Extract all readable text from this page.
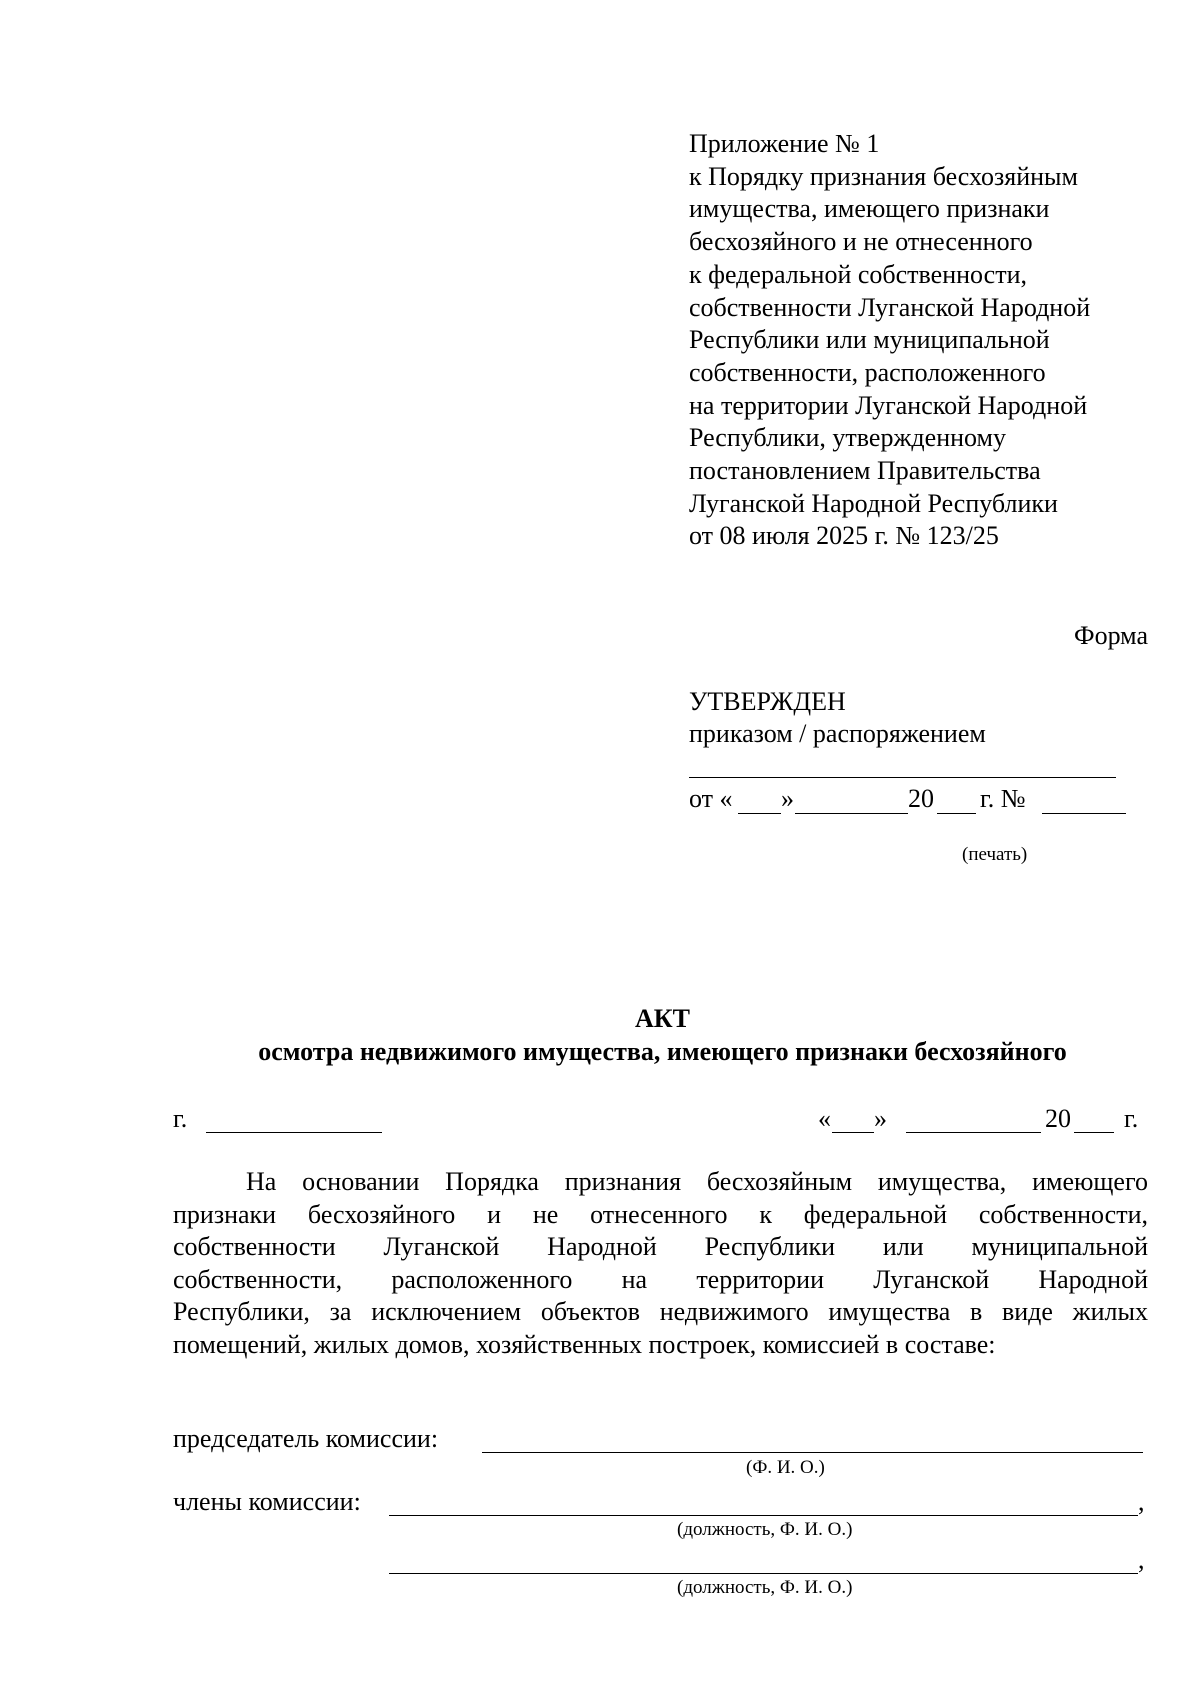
Приложение № 1
к Порядку признания бесхозяйным
имущества, имеющего признаки
бесхозяйного и не отнесенного
к федеральной собственности,
собственности Луганской Народной
Республики или муниципальной
собственности, расположенного
на территории Луганской Народной
Республики, утвержденному
постановлением Правительства
Луганской Народной Республики
от 08 июля 2025 г. № 123/25
Форма
УТВЕРЖДЕН
приказом / распоряжением
от « »	20 г. №
(печать)
АКТ
осмотра недвижимого имущества, имеющего признаки бесхозяйного
г.	« »	20 г.
На основании Порядка признания бесхозяйным имущества, имеющего
признаки бесхозяйного и не отнесенного к федеральной собственности,
собственности Луганской Народной Республики или муниципальной
собственности, расположенного на территории Луганской Народной
Республики, за исключением объектов недвижимого имущества в виде жилых
помещений, жилых домов, хозяйственных построек, комиссией в составе:
председатель комиссии:
(Ф. И. О.)
члены комиссии:	,
(должность, Ф. И. О.)
,
(должность, Ф. И. О.)
